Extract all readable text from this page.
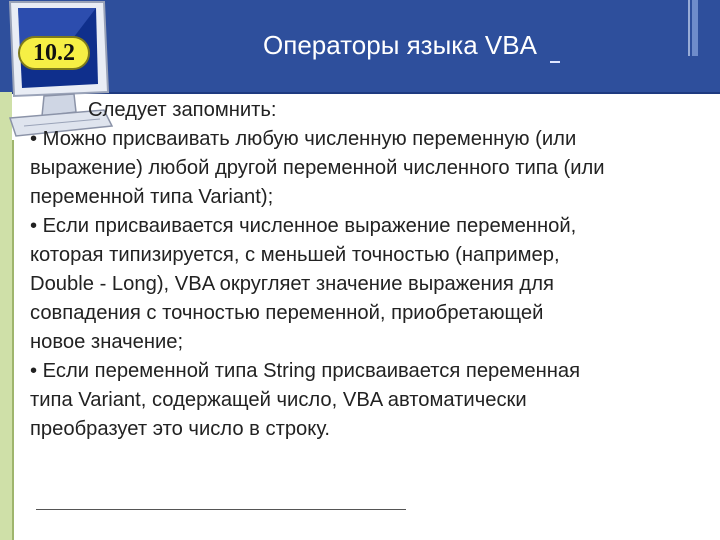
10.2	Операторы языка VBA
Следует запомнить:
• Можно присваивать любую численную переменную (или
выражение) любой другой переменной численного типа (или
переменной типа Variant);
• Если присваивается численное выражение переменной,
которая типизируется, с меньшей точностью (например,
Double - Long), VBA округляет значение выражения для
совпадения с точностью переменной, приобретающей
новое значение;
• Если переменной типа String присваивается переменная
типа Variant, содержащей число, VBA автоматически
преобразует это число в строку.
